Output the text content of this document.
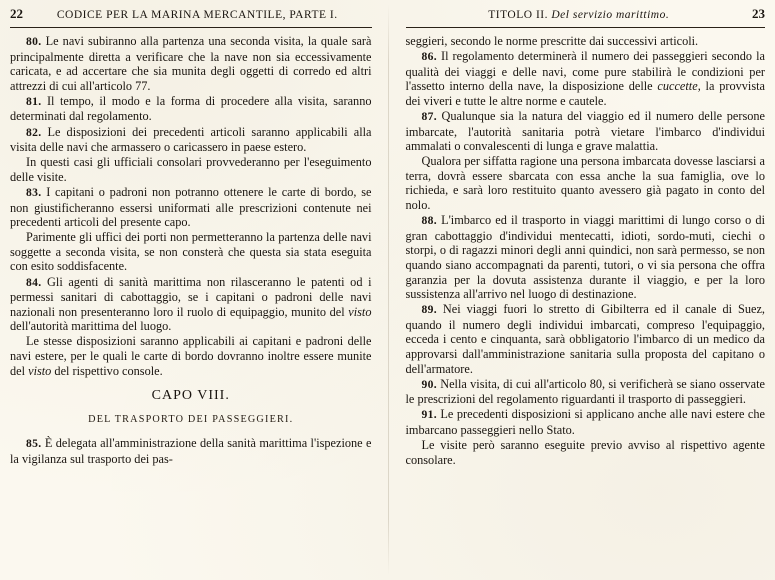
22	CODICE PER LA MARINA MERCANTILE, PARTE I.

80. Le navi subiranno alla partenza una seconda visita, la quale sarà principalmente diretta a verificare che la nave non sia eccessivamente caricata, e ad accertare che sia munita degli oggetti di corredo ed altri attrezzi di cui all'articolo 77.

81. Il tempo, il modo e la forma di procedere alla visita, saranno determinati dal regolamento.

82. Le disposizioni dei precedenti articoli saranno applicabili alla visita delle navi che armassero o caricassero in paese estero.

In questi casi gli ufficiali consolari provvederanno per l'eseguimento delle visite.

83. I capitani o padroni non potranno ottenere le carte di bordo, se non giustificheranno essersi uniformati alle prescrizioni contenute nei precedenti articoli del presente capo.

Parimente gli uffici dei porti non permetteranno la partenza delle navi soggette a seconda visita, se non consterà che questa sia stata eseguita con esito soddisfacente.

84. Gli agenti di sanità marittima non rilasceranno le patenti od i permessi sanitari di cabottaggio, se i capitani o padroni delle navi nazionali non presenteranno loro il ruolo di equipaggio, munito del visto dell'autorità marittima del luogo.

Le stesse disposizioni saranno applicabili ai capitani e padroni delle navi estere, per le quali le carte di bordo dovranno inoltre essere munite del visto del rispettivo console.

CAPO VIII.
DEL TRASPORTO DEI PASSEGGIERI.

85. È delegata all'amministrazione della sanità marittima l'ispezione e la vigilanza sul trasporto dei pas-

TITOLO II. Del servizio marittimo.	23

seggieri, secondo le norme prescritte dai successivi articoli.

86. Il regolamento determinerà il numero dei passeggieri secondo la qualità dei viaggi e delle navi, come pure stabilirà le condizioni per l'assetto interno della nave, la disposizione delle cuccette, la provvista dei viveri e tutte le altre norme e cautele.

87. Qualunque sia la natura del viaggio ed il numero delle persone imbarcate, l'autorità sanitaria potrà vietare l'imbarco d'individui ammalati o convalescenti di lunga e grave malattia.

Qualora per siffatta ragione una persona imbarcata dovesse lasciarsi a terra, dovrà essere sbarcata con essa anche la sua famiglia, ove lo richieda, e sarà loro restituito quanto avessero già pagato in conto del nolo.

88. L'imbarco ed il trasporto in viaggi marittimi di lungo corso o di gran cabottaggio d'individui mentecatti, idioti, sordo-muti, ciechi o storpi, o di ragazzi minori degli anni quindici, non sarà permesso, se non quando siano accompagnati da parenti, tutori, o vi sia persona che offra garanzia per la dovuta assistenza durante il viaggio, e per la loro sussistenza all'arrivo nel luogo di destinazione.

89. Nei viaggi fuori lo stretto di Gibilterra ed il canale di Suez, quando il numero degli individui imbarcati, compreso l'equipaggio, ecceda i cento e cinquanta, sarà obbligatorio l'imbarco di un medico da approvarsi dall'amministrazione sanitaria sulla proposta del capitano o dell'armatore.

90. Nella visita, di cui all'articolo 80, si verificherà se siano osservate le prescrizioni del regolamento riguardanti il trasporto di passeggieri.

91. Le precedenti disposizioni si applicano anche alle navi estere che imbarcano passeggieri nello Stato.

Le visite però saranno eseguite previo avviso al rispettivo agente consolare.
